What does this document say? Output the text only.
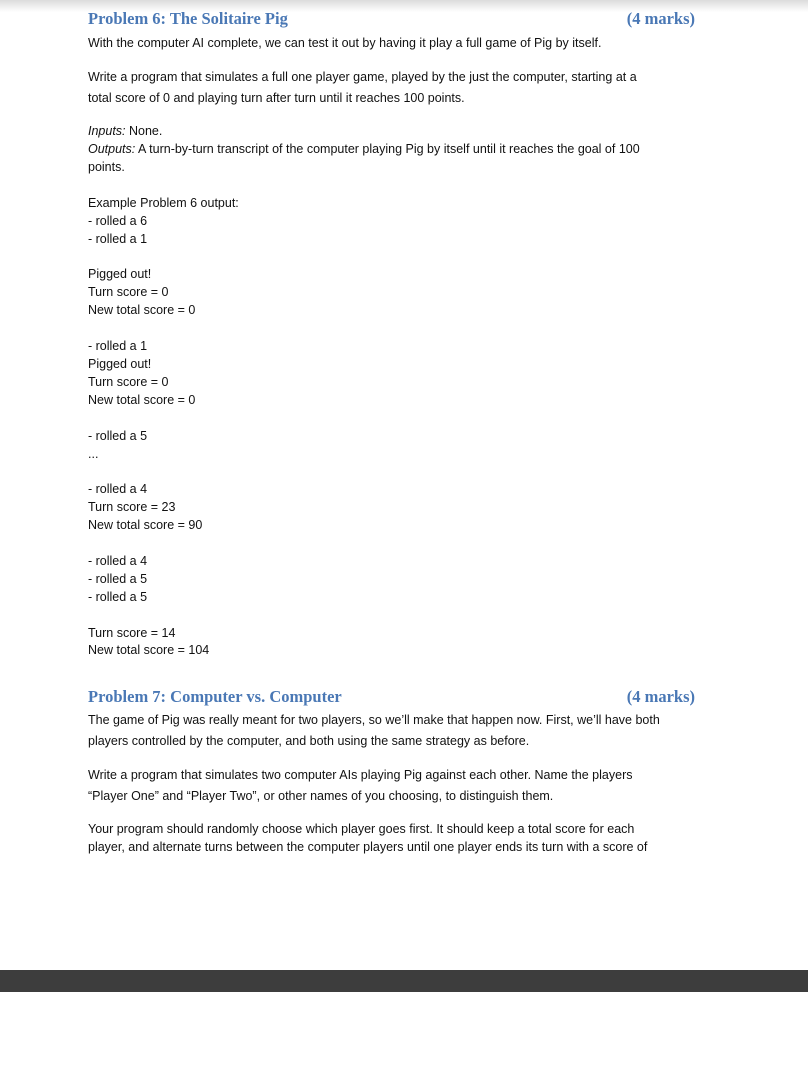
Problem 6: The Solitaire Pig	(4 marks)
With the computer AI complete, we can test it out by having it play a full game of Pig by itself.
Write a program that simulates a full one player game, played by the just the computer, starting at a
total score of 0 and playing turn after turn until it reaches 100 points.
Inputs: None.
Outputs: A turn-by-turn transcript of the computer playing Pig by itself until it reaches the goal of 100
points.
Example Problem 6 output:
- rolled a 6
- rolled a 1
Pigged out!
Turn score = 0
New total score = 0
- rolled a 1
Pigged out!
Turn score = 0
New total score = 0
- rolled a 5
...
- rolled a 4
Turn score = 23
New total score = 90
- rolled a 4
- rolled a 5
- rolled a 5
Turn score = 14
New total score = 104
Problem 7: Computer vs. Computer	(4 marks)
The game of Pig was really meant for two players, so we’ll make that happen now. First, we’ll have both
players controlled by the computer, and both using the same strategy as before.
Write a program that simulates two computer AIs playing Pig against each other. Name the players
“Player One” and “Player Two”, or other names of you choosing, to distinguish them.
Your program should randomly choose which player goes first. It should keep a total score for each
player, and alternate turns between the computer players until one player ends its turn with a score of
